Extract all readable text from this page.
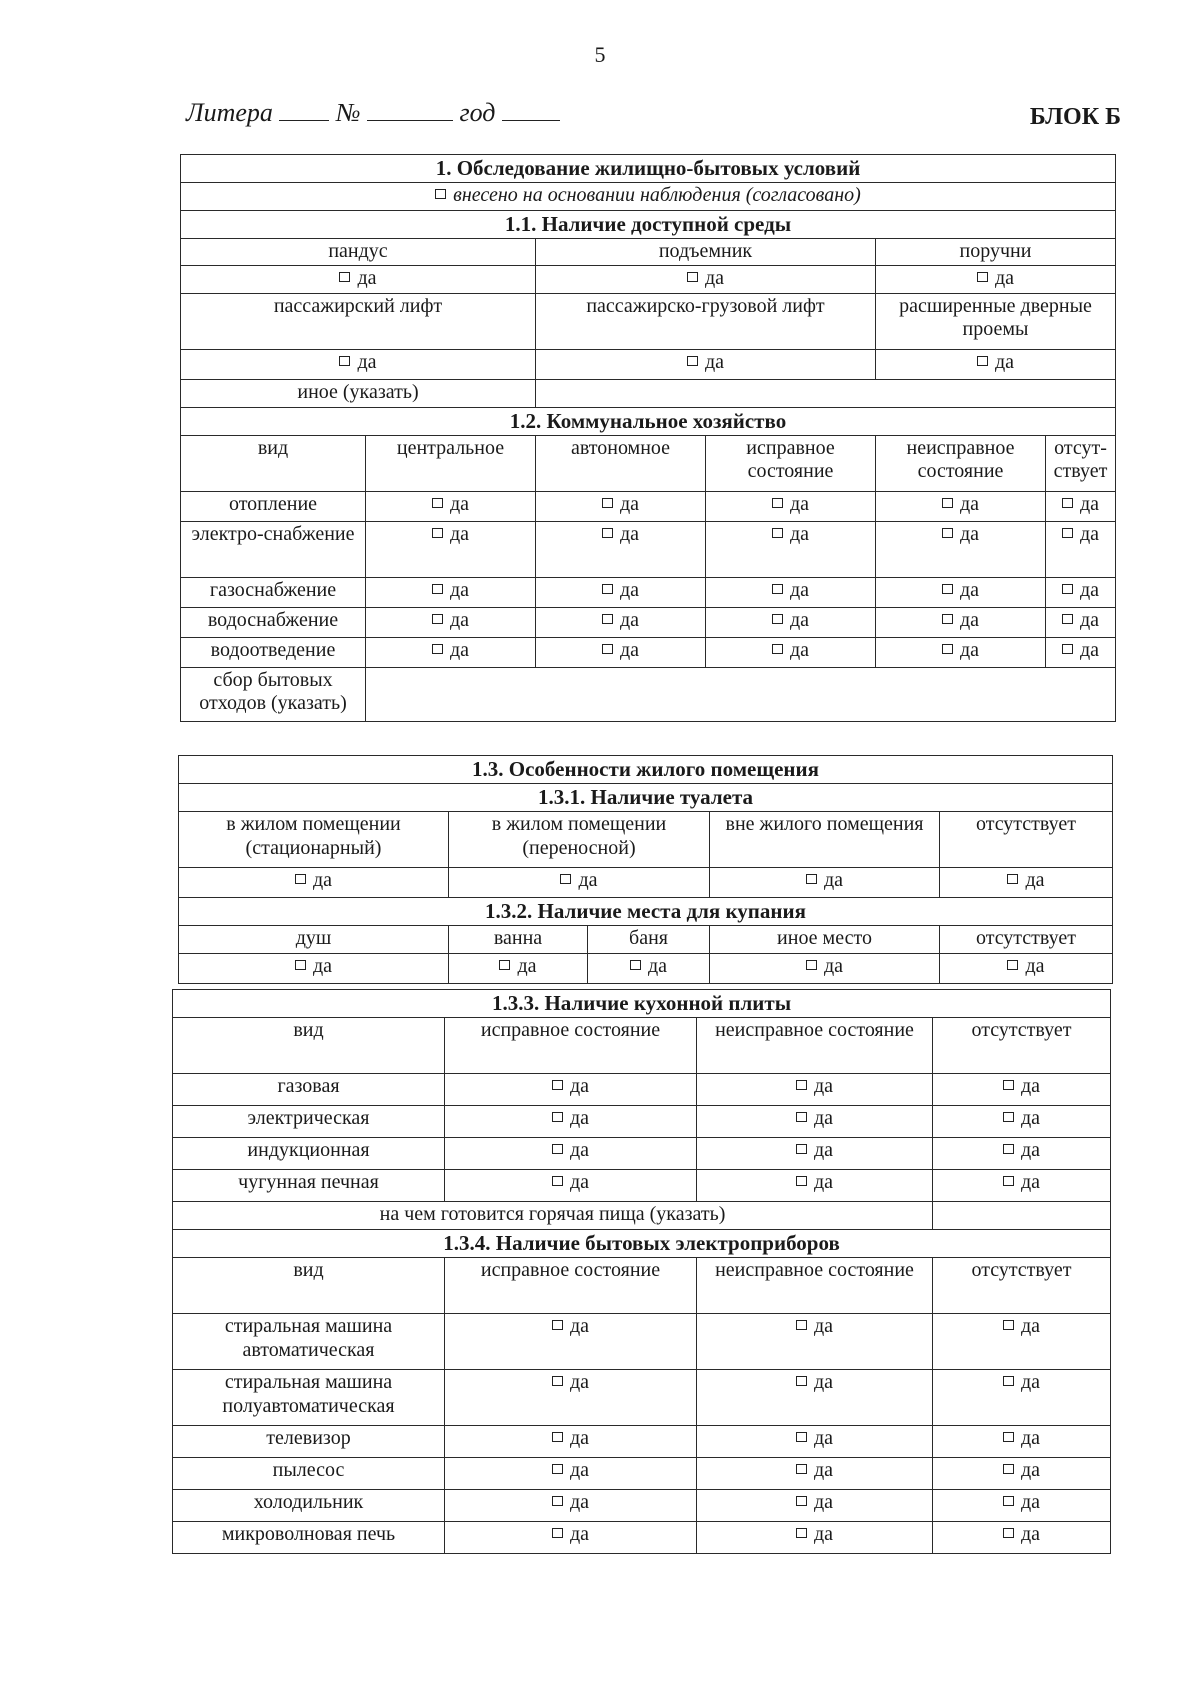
5
Литера №	год	БЛОК Б
1. Обследование жилищно-бытовых условий					
внесено на основании наблюдения (согласовано)					
1.1. Наличие доступной среды					
пандус		подъемник		поручни	
да		да		да	
пассажирский лифт		пассажирско-грузовой лифт		расширенные дверные проемы	
да		да		да	
иное (указать)					
1.2. Коммунальное хозяйство					
вид	центральное	автономное	исправное состояние	неисправное состояние	отсут-ствует
отопление	да	да	да	да	да
электро-снабжение	да	да	да	да	да
газоснабжение	да	да	да	да	да
водоснабжение	да	да	да	да	да
водоотведение	да	да	да	да	да
сбор бытовых отходов (указать)					
1.3. Особенности жилого помещения				
1.3.1. Наличие туалета				
в жилом помещении (стационарный)	в жилом помещении (переносной)		вне жилого помещения	отсутствует
да	да		да	да
1.3.2. Наличие места для купания				
душ	ванна	баня	иное место	отсутствует
да	да	да	да	да
1.3.3. Наличие кухонной плиты			
вид	исправное состояние	неисправное состояние	отсутствует
газовая	да	да	да
электрическая	да	да	да
индукционная	да	да	да
чугунная печная	да	да	да
на чем готовится горячая пища (указать)			
1.3.4. Наличие бытовых электроприборов			
вид	исправное состояние	неисправное состояние	отсутствует
стиральная машина автоматическая	да	да	да
стиральная машина полуавтоматическая	да	да	да
телевизор	да	да	да
пылесос	да	да	да
холодильник	да	да	да
микроволновая печь	да	да	да
